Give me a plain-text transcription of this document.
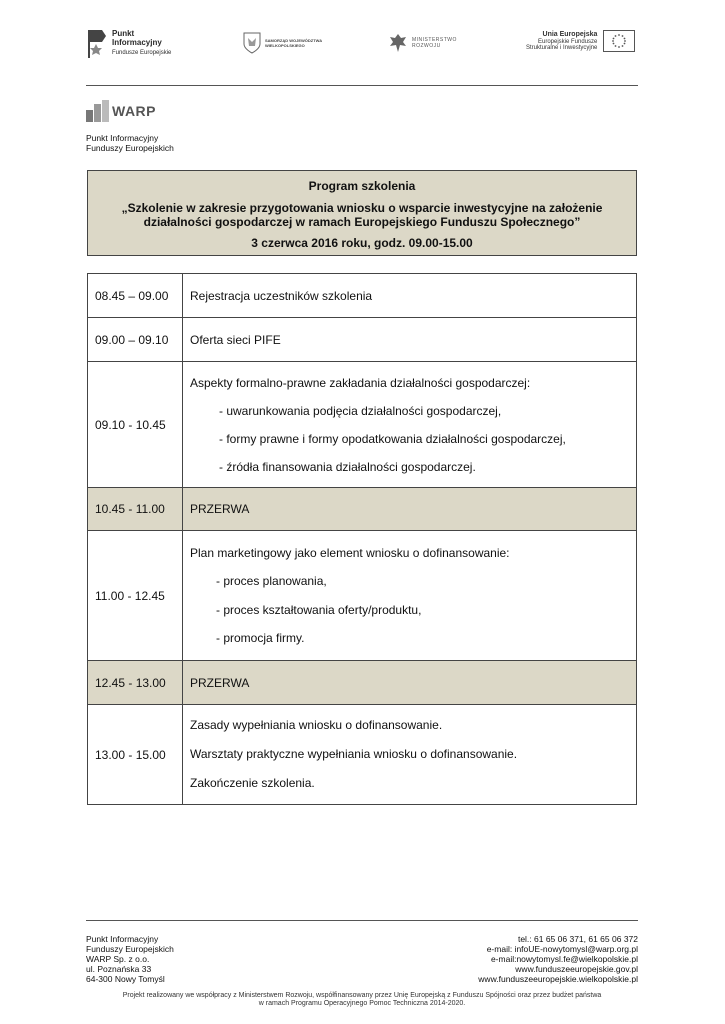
Punkt
Informacyjny
Fundusze Europejskie
SAMORZĄD WOJEWÓDZTWA
WIELKOPOLSKIEGO
MINISTERSTWO
ROZWOJU
Unia Europejska
Europejskie Fundusze
Strukturalne i Inwestycyjne
WARP
Punkt Informacyjny
Funduszy Europejskich
Program szkolenia
„Szkolenie w zakresie przygotowania wniosku o wsparcie inwestycyjne na założenie
działalności gospodarczej w ramach Europejskiego Funduszu Społecznego”
3 czerwca 2016 roku, godz. 09.00-15.00
08.45 – 09.00	Rejestracja uczestników szkolenia
09.00 – 09.10	Oferta sieci PIFE
09.10 - 10.45	Aspekty formalno-prawne zakładania działalności gospodarczej:
- uwarunkowania podjęcia działalności gospodarczej,
- formy prawne i formy opodatkowania działalności gospodarczej,
- źródła finansowania działalności gospodarczej.

10.45 - 11.00	PRZERWA
11.00 - 12.45	Plan marketingowy jako element wniosku o dofinansowanie:
- proces planowania,
- proces kształtowania oferty/produktu,
- promocja firmy.

12.45 - 13.00	PRZERWA
13.00 - 15.00	Zasady wypełniania wniosku o dofinansowanie.
Warsztaty praktyczne wypełniania wniosku o dofinansowanie.
Zakończenie szkolenia.
Punkt Informacyjny
Funduszy Europejskich
WARP Sp. z o.o.
ul. Poznańska 33
64-300 Nowy Tomyśl
tel.: 61 65 06 371, 61 65 06 372
e-mail: infoUE-nowytomysl@warp.org.pl
e-mail:nowytomysl.fe@wielkopolskie.pl
www.funduszeeuropejskie.gov.pl
www.funduszeeuropejskie.wielkopolskie.pl
Projekt realizowany we współpracy z Ministerstwem Rozwoju, współfinansowany przez Unię Europejską z Funduszu Spójności oraz przez budżet państwa
w ramach Programu Operacyjnego Pomoc Techniczna 2014-2020.
